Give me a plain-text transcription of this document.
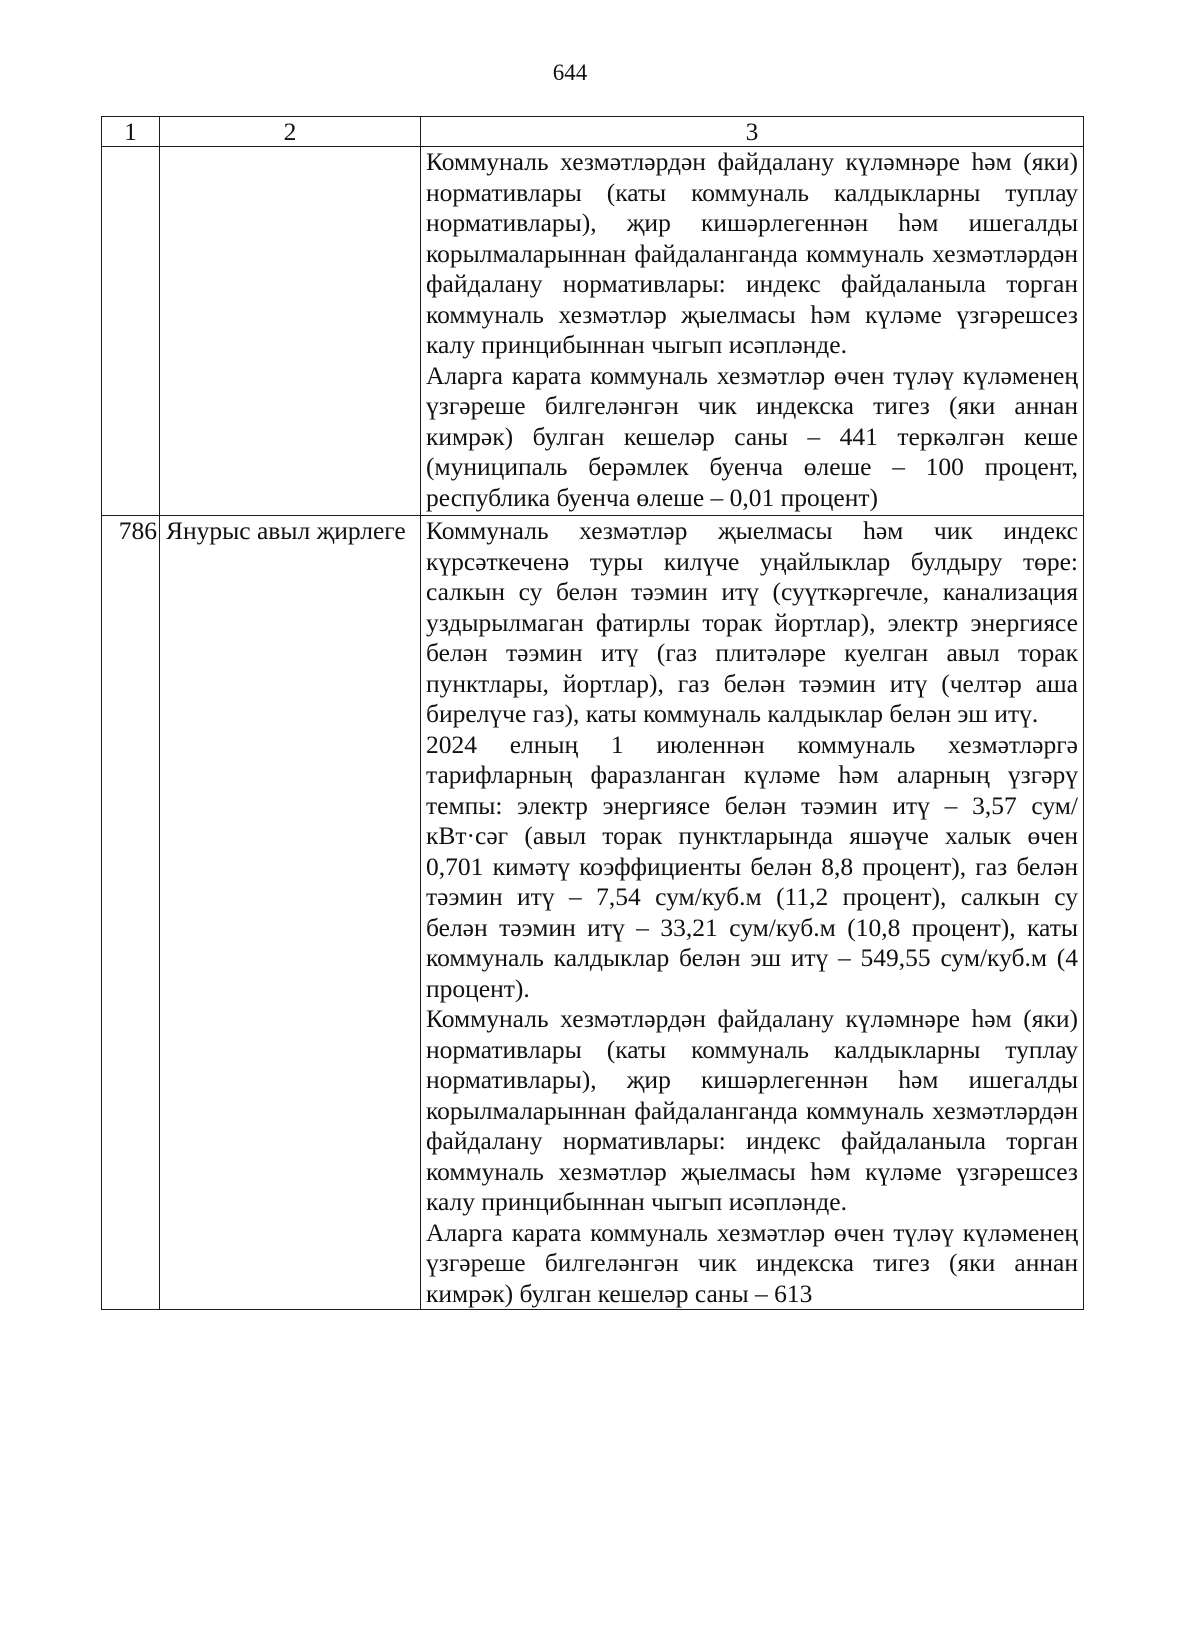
644
1	2	3

		Коммуналь хезмәтләрдән файдалану күләмнәре һәм (яки) нормативлары (каты коммуналь калдыкларны туплау нормативлары), җир кишәрлегеннән һәм ишегалды корылмаларыннан файдаланганда коммуналь хезмәтләрдән файдалану нормативлары: индекс файдаланыла торган коммуналь хезмәтләр җыелмасы һәм күләме үзгәрешсез калу принцибыннан чыгып исәпләнде.

Аларга карата коммуналь хезмәтләр өчен түләү күләменең үзгәреше билгеләнгән чик индекска тигез (яки аннан кимрәк) булган кешеләр саны – 441 теркәлгән кеше (муниципаль берәмлек буенча өлеше – 100 процент, республика буенча өлеше – 0,01 процент)

786	Янурыс авыл җирлеге	Коммуналь хезмәтләр җыелмасы һәм чик индекс күрсәткеченә туры килүче уңайлыклар булдыру төре: салкын су белән тәэмин итү (суүткәргечле, канализация уздырылмаган фатирлы торак йортлар), электр энергиясе белән тәэмин итү (газ плитәләре куелган авыл торак пунктлары, йортлар), газ белән тәэмин итү (челтәр аша бирелүче газ), каты коммуналь калдыклар белән эш итү.

2024 елның 1 июленнән коммуналь хезмәтләргә тарифларның фаразланган күләме һәм аларның үзгәрү темпы: электр энергиясе белән тәэмин итү – 3,57 сум/кВт·сәг (авыл торак пунктларында яшәүче халык өчен 0,701 кимәтү коэффициенты белән 8,8 процент), газ белән тәэмин итү – 7,54 сум/куб.м (11,2 процент), салкын су белән тәэмин итү – 33,21 сум/куб.м (10,8 процент), каты коммуналь калдыклар белән эш итү – 549,55 сум/куб.м (4 процент).

Коммуналь хезмәтләрдән файдалану күләмнәре һәм (яки) нормативлары (каты коммуналь калдыкларны туплау нормативлары), җир кишәрлегеннән һәм ишегалды корылмаларыннан файдаланганда коммуналь хезмәтләрдән файдалану нормативлары: индекс файдаланыла торган коммуналь хезмәтләр җыелмасы һәм күләме үзгәрешсез калу принцибыннан чыгып исәпләнде.

Аларга карата коммуналь хезмәтләр өчен түләү күләменең үзгәреше билгеләнгән чик индекска тигез (яки аннан кимрәк) булган кешеләр саны – 613
